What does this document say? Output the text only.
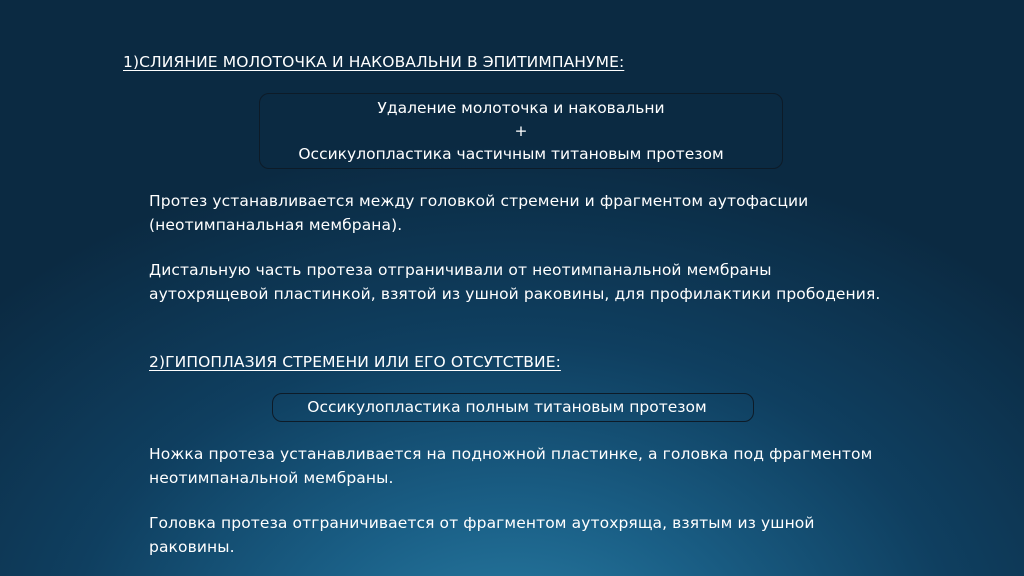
1)СЛИЯНИЕ МОЛОТОЧКА И НАКОВАЛЬНИ В ЭПИТИМПАНУМЕ:
Удаление молоточка и наковальни
+
Оссикулопластика частичным титановым протезом
Протез устанавливается между головкой стремени и фрагментом аутофасции (неотимпанальная мембрана).
Дистальную часть протеза отграничивали от неотимпанальной мембраны аутохрящевой пластинкой, взятой из ушной раковины, для профилактики прободения.
2)ГИПОПЛАЗИЯ СТРЕМЕНИ ИЛИ ЕГО ОТСУТСТВИЕ:
Оссикулопластика полным титановым протезом
Ножка протеза устанавливается на подножной пластинке, а головка под фрагментом неотимпанальной мембраны.
Головка протеза отграничивается от фрагментом аутохряща, взятым из ушной раковины.
